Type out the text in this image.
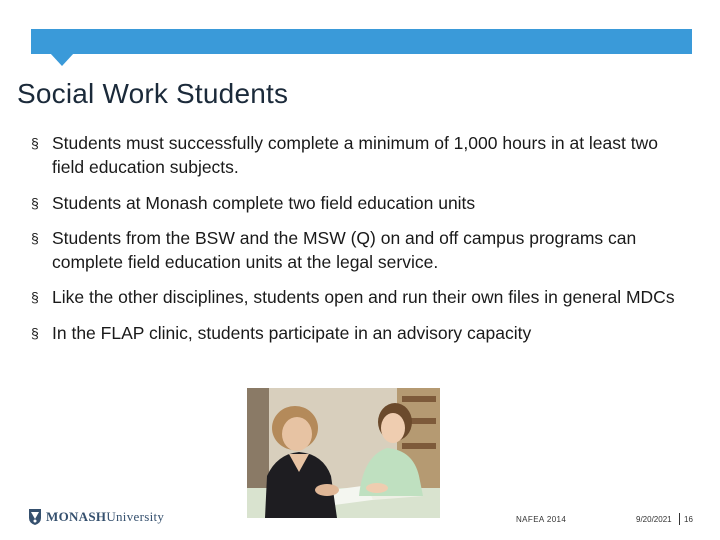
Social Work Students
§ Students must successfully complete a minimum of 1,000 hours in at least two field education subjects.
§ Students at Monash complete two field education units
§ Students from the BSW and the MSW (Q) on and off campus programs can complete field education units at the legal service.
§ Like the other disciplines, students open and run their own files in general MDCs
§ In the FLAP clinic, students participate in an advisory capacity
MONASHUniversity	NAFEA 2014	9/20/2021 16
